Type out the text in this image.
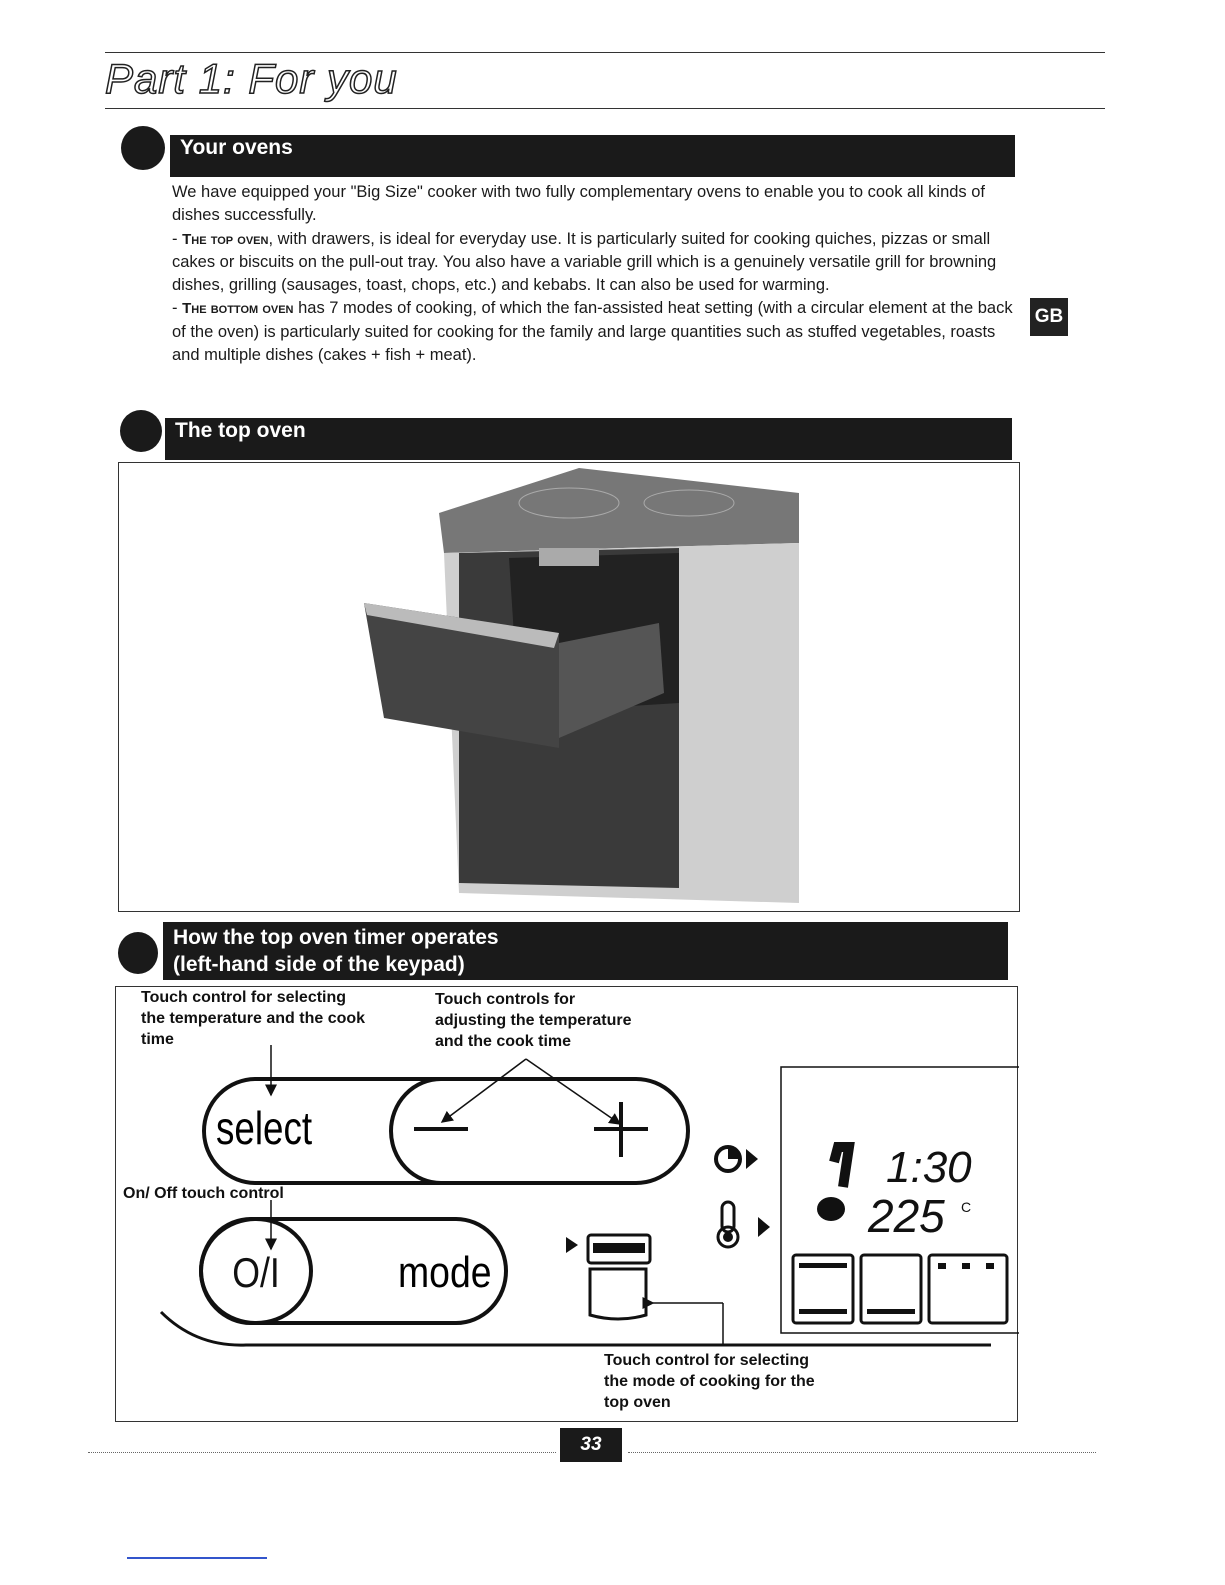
Part 1: For you
Your ovens

We have equipped your "Big Size" cooker with two fully complementary ovens to enable you to cook all kinds of dishes successfully.

- The top oven, with drawers, is ideal for everyday use. It is particularly suited for cooking quiches, pizzas or small cakes or biscuits on the pull-out tray. You also have a variable grill which is a genuinely versatile grill for browning dishes, grilling (sausages, toast, chops, etc.) and kebabs. It can also be used for warming.

- The bottom oven has 7 modes of cooking, of which the fan-assisted heat setting (with a circular element at the back of the oven) is particularly suited for cooking for the family and large quantities such as stuffed vegetables, roasts and multiple dishes (cakes + fish + meat).

GB
The top oven
How the top oven timer operates
(left-hand side of the keypad)
Touch control for selecting
the temperature and the cook
time
Touch controls for
adjusting the temperature
and the cook time
On/ Off touch control
Touch control for selecting
the mode of cooking for the
top oven
select
O/I	mode
1:30
225 C
33
